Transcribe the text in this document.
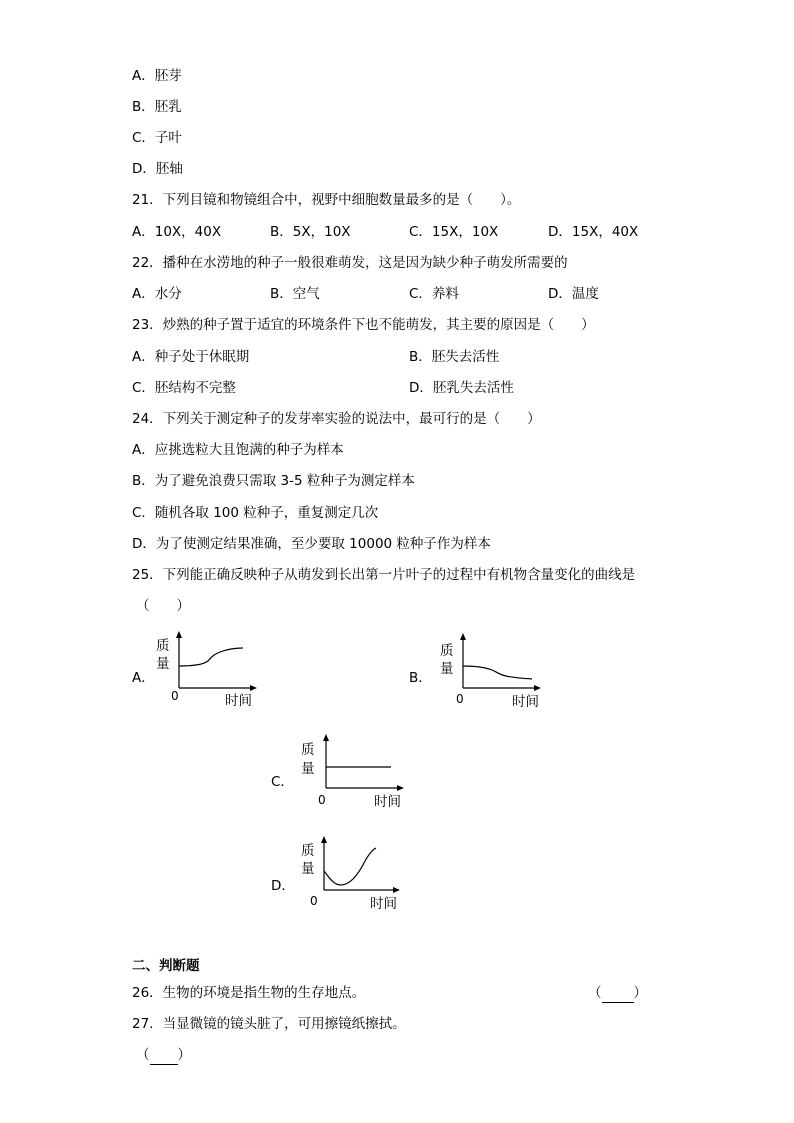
A．胚芽
B．胚乳
C．子叶
D．胚轴
21．下列目镜和物镜组合中，视野中细胞数量最多的是（　　）。
A．10X，40X	B．5X，10X	C．15X，10X	D．15X，40X
22．播种在水涝地的种子一般很难萌发，这是因为缺少种子萌发所需要的
A．水分	B．空气	C．养料	D．温度
23．炒熟的种子置于适宜的环境条件下也不能萌发，其主要的原因是（　　）
A．种子处于休眠期	B．胚失去活性
C．胚结构不完整	D．胚乳失去活性
24．下列关于测定种子的发芽率实验的说法中，最可行的是（　　）
A．应挑选粒大且饱满的种子为样本
B．为了避免浪费只需取 3-5 粒种子为测定样本
C．随机各取 100 粒种子，重复测定几次
D．为了使测定结果准确，至少要取 10000 粒种子作为样本
25．下列能正确反映种子从萌发到长出第一片叶子的过程中有机物含量变化的曲线是
（　　）
A．
质
量
0	时间
B．
质
量
0	时间
C．
质
量
0	时间
D．
质
量
0	时间
二、判断题
26．生物的环境是指生物的生存地点。	（ ）
27．当显微镜的镜头脏了，可用擦镜纸擦拭。
（ ）
